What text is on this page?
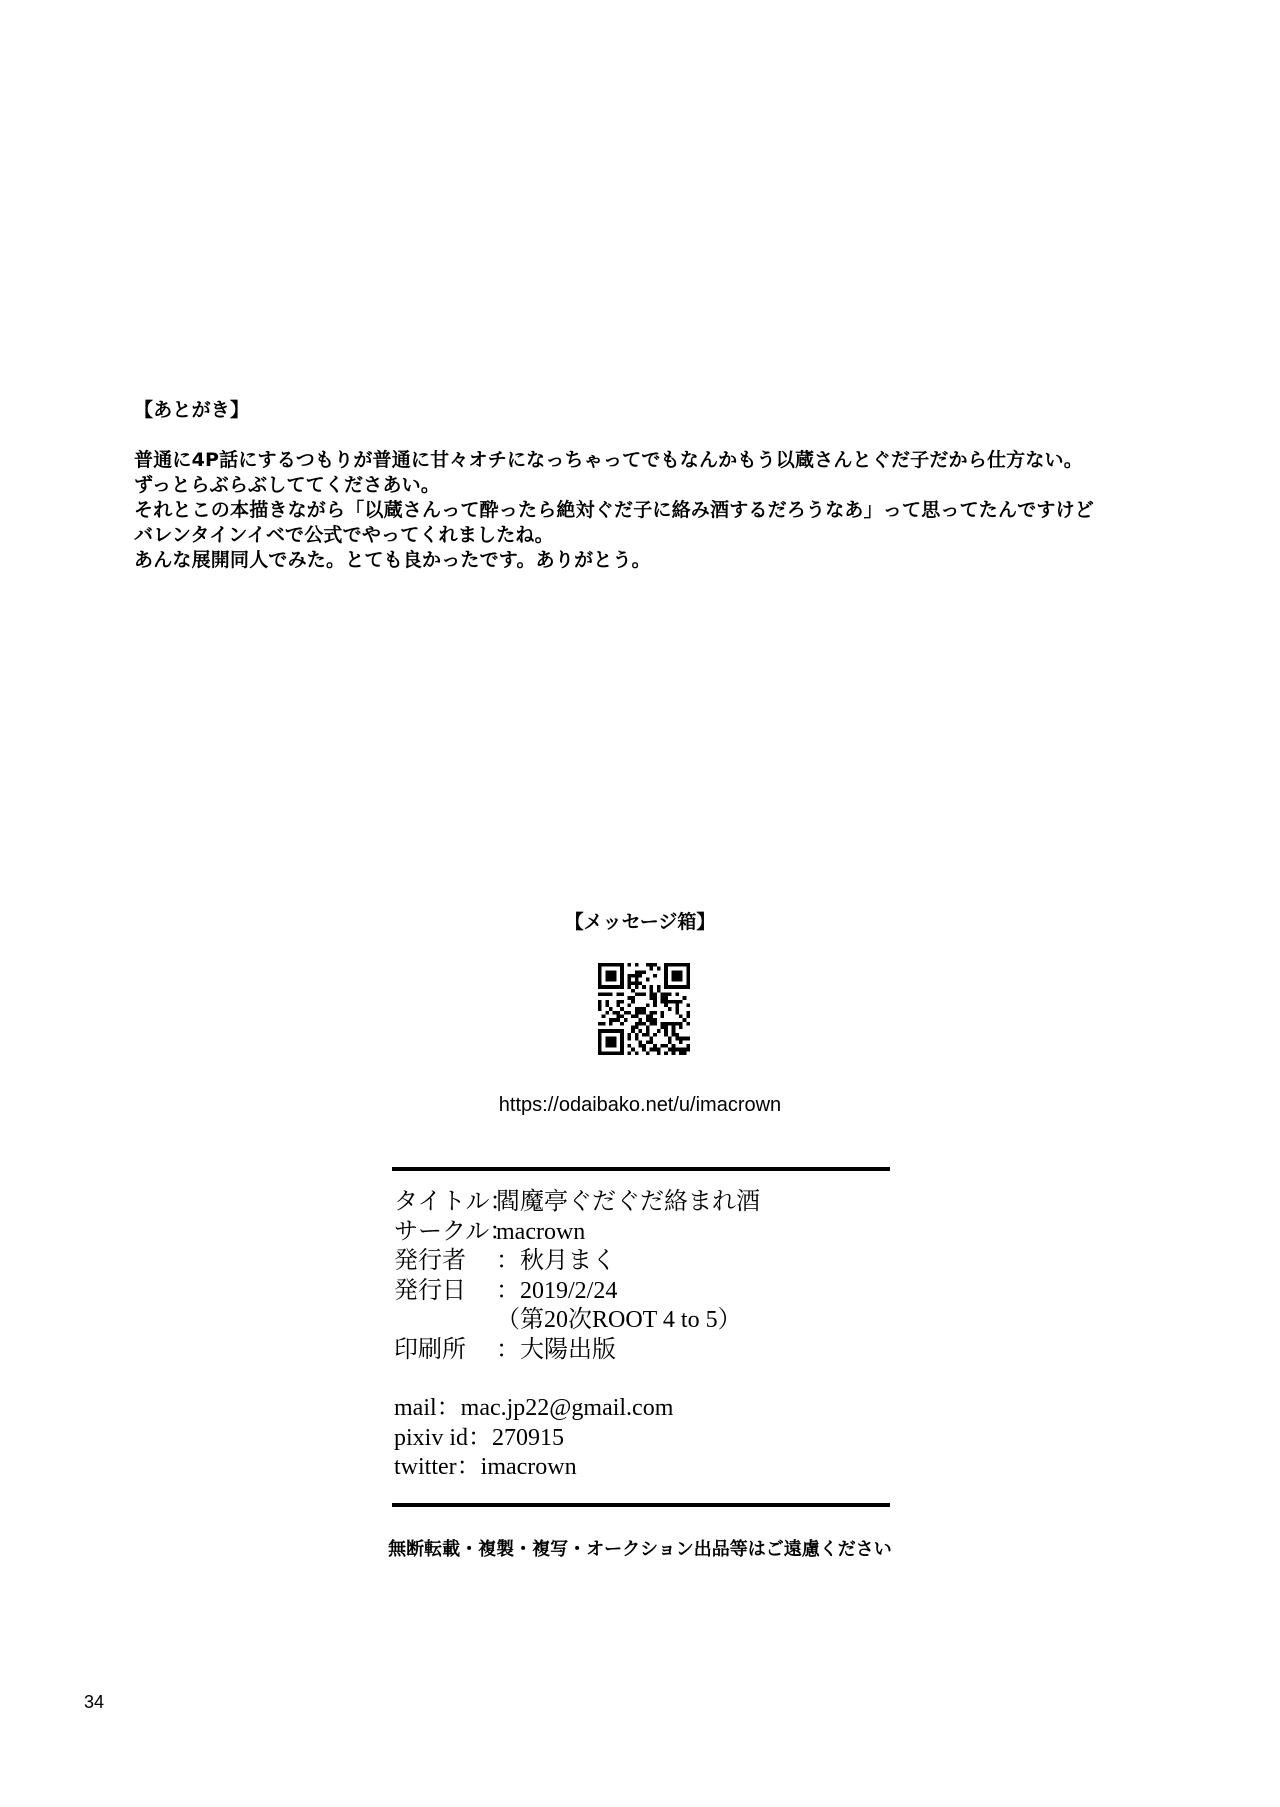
【あとがき】

普通に4P話にするつもりが普通に甘々オチになっちゃってでもなんかもう以蔵さんとぐだ子だから仕方ない。

ずっとらぶらぶしててくださあい。

それとこの本描きながら「以蔵さんって酔ったら絶対ぐだ子に絡み酒するだろうなあ」って思ってたんですけど

バレンタインイベで公式でやってくれましたね。

あんな展開同人でみた。とても良かったです。ありがとう。

【メッセージ箱】
https://odaibako.net/u/imacrown
タイトル：
閻魔亭ぐだぐだ絡まれ酒
サークル：
macrown
発行者	：秋月まく
発行日	：2019/2/24
（第20次ROOT 4 to 5）
印刷所	：大陽出版
mail：mac.jp22@gmail.com
pixiv id：270915
twitter：imacrown
無断転載・複製・複写・オークション出品等はご遠慮ください
34
